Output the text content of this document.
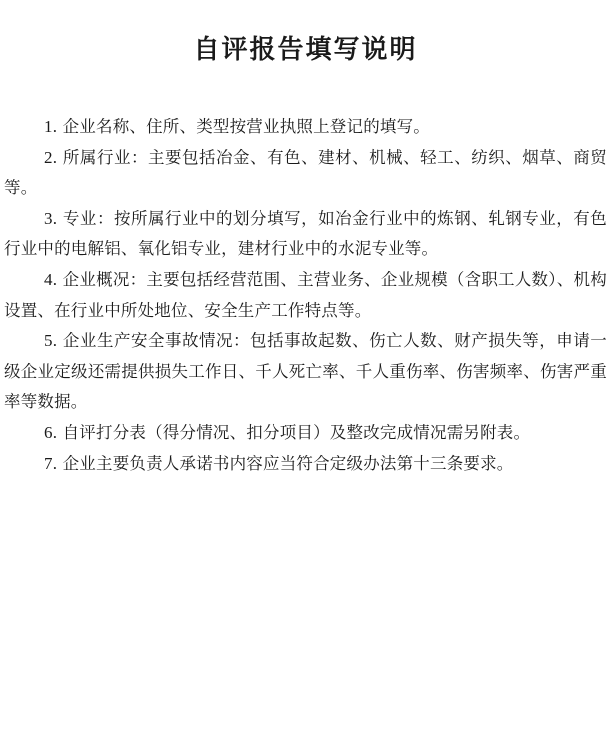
自评报告填写说明

1. 企业名称、住所、类型按营业执照上登记的填写。

2. 所属行业：主要包括冶金、有色、建材、机械、轻工、纺织、烟草、商贸等。

3. 专业：按所属行业中的划分填写，如冶金行业中的炼钢、轧钢专业，有色行业中的电解铝、氧化铝专业，建材行业中的水泥专业等。

4. 企业概况：主要包括经营范围、主营业务、企业规模（含职工人数）、机构设置、在行业中所处地位、安全生产工作特点等。

5. 企业生产安全事故情况：包括事故起数、伤亡人数、财产损失等，申请一级企业定级还需提供损失工作日、千人死亡率、千人重伤率、伤害频率、伤害严重率等数据。

6. 自评打分表（得分情况、扣分项目）及整改完成情况需另附表。

7. 企业主要负责人承诺书内容应当符合定级办法第十三条要求。
